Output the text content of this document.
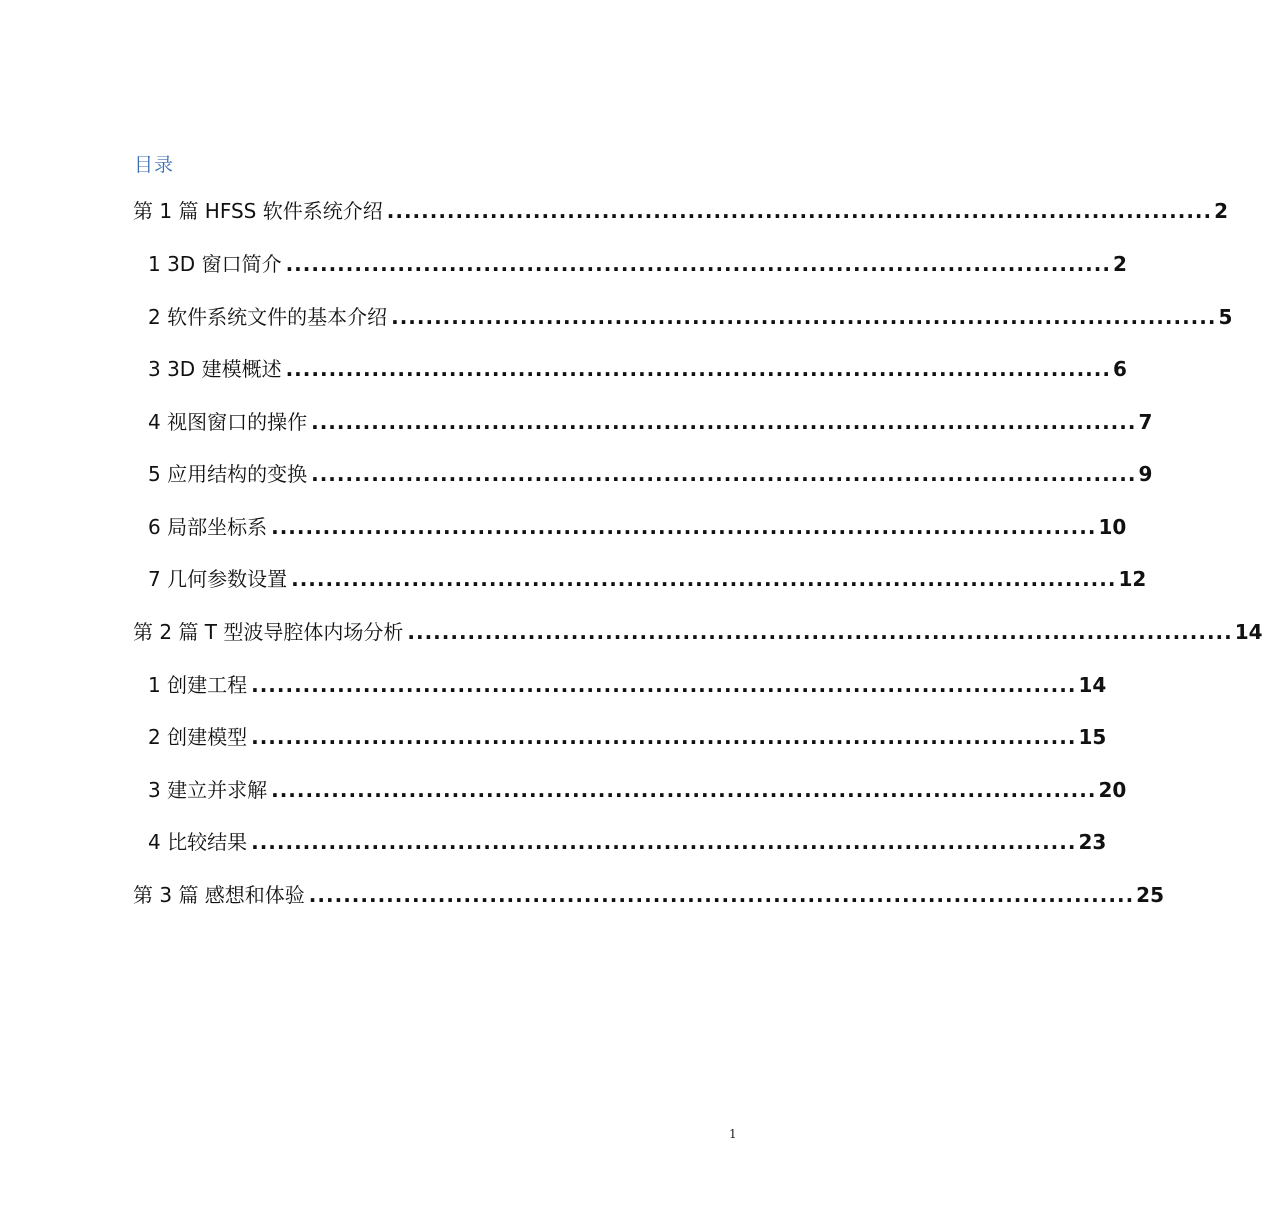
目录
第 1 篇 HFSS 软件系统介绍 ................................................................................................ 2
1 3D 窗口简介 ................................................................................................ 2
2 软件系统文件的基本介绍 ................................................................................................ 5
3 3D 建模概述 ................................................................................................ 6
4 视图窗口的操作 ................................................................................................ 7
5 应用结构的变换 ................................................................................................ 9
6 局部坐标系 ................................................................................................ 10
7 几何参数设置 ................................................................................................ 12
第 2 篇 T 型波导腔体内场分析 ................................................................................................ 14
1 创建工程 ................................................................................................ 14
2 创建模型 ................................................................................................ 15
3 建立并求解 ................................................................................................ 20
4 比较结果 ................................................................................................ 23
第 3 篇 感想和体验 ................................................................................................ 25
1
